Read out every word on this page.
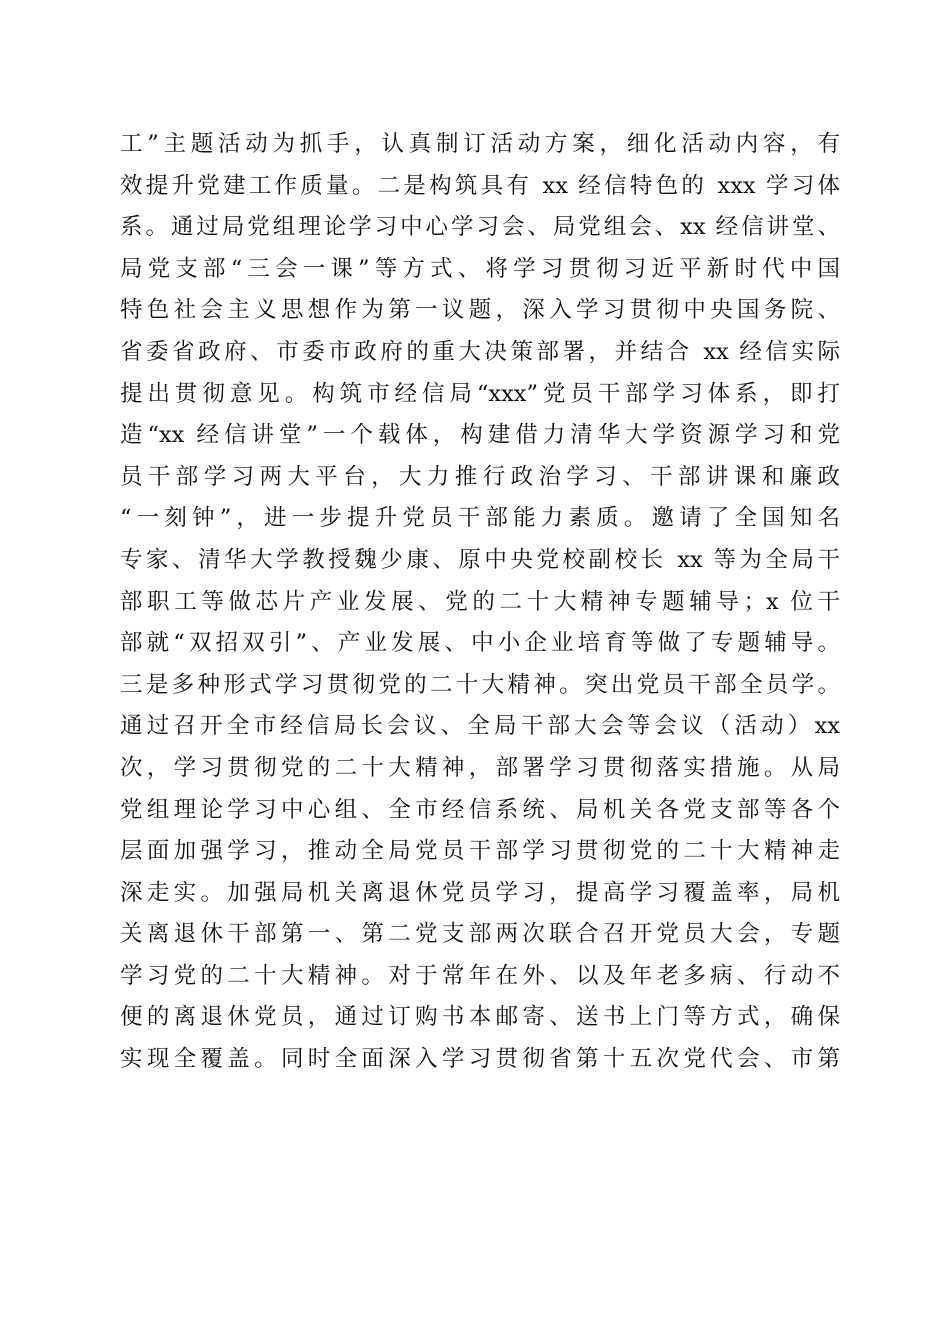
工”主题活动为抓手，认真制订活动方案，细化活动内容，有
效提升党建工作质量。二是构筑具有 xx 经信特色的 xxx 学习体
系。通过局党组理论学习中心学习会、局党组会、xx 经信讲堂、
局党支部“三会一课”等方式、将学习贯彻习近平新时代中国
特色社会主义思想作为第一议题，深入学习贯彻中央国务院、
省委省政府、市委市政府的重大决策部署，并结合 xx 经信实际
提出贯彻意见。构筑市经信局“xxx”党员干部学习体系，即打
造“xx 经信讲堂”一个载体，构建借力清华大学资源学习和党
员干部学习两大平台，大力推行政治学习、干部讲课和廉政
“一刻钟”，进一步提升党员干部能力素质。邀请了全国知名
专家、清华大学教授魏少康、原中央党校副校长 xx 等为全局干
部职工等做芯片产业发展、党的二十大精神专题辅导；x 位干
部就“双招双引”、产业发展、中小企业培育等做了专题辅导。
三是多种形式学习贯彻党的二十大精神。突出党员干部全员学。
通过召开全市经信局长会议、全局干部大会等会议（活动）xx
次，学习贯彻党的二十大精神，部署学习贯彻落实措施。从局
党组理论学习中心组、全市经信系统、局机关各党支部等各个
层面加强学习，推动全局党员干部学习贯彻党的二十大精神走
深走实。加强局机关离退休党员学习，提高学习覆盖率，局机
关离退休干部第一、第二党支部两次联合召开党员大会，专题
学习党的二十大精神。对于常年在外、以及年老多病、行动不
便的离退休党员，通过订购书本邮寄、送书上门等方式，确保
实现全覆盖。同时全面深入学习贯彻省第十五次党代会、市第
